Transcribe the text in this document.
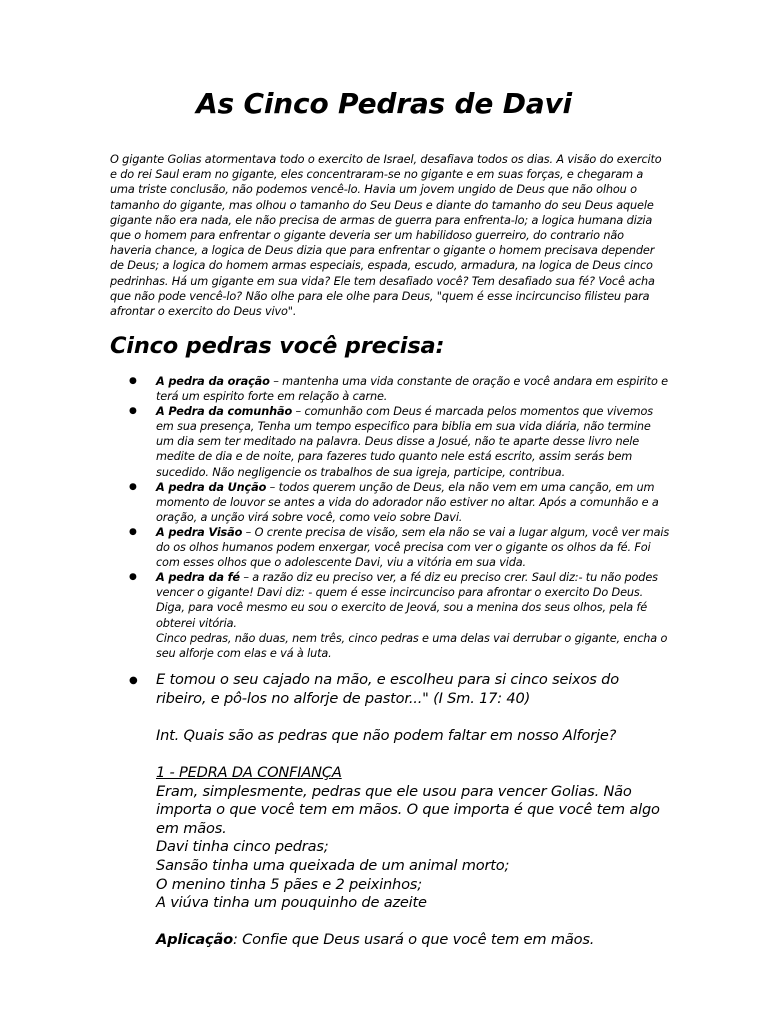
As Cinco Pedras de Davi

O gigante Golias atormentava todo o exercito de Israel, desafiava todos os dias. A visão do exercito e do rei Saul eram no gigante, eles concentraram-se no gigante e em suas forças, e chegaram a uma triste conclusão, não podemos vencê-lo. Havia um jovem ungido de Deus que não olhou o tamanho do gigante, mas olhou o tamanho do Seu Deus e diante do tamanho do seu Deus aquele gigante não era nada, ele não precisa de armas de guerra para enfrenta-lo; a logica humana dizia que o homem para enfrentar o gigante deveria ser um habilidoso guerreiro, do contrario não haveria chance, a logica de Deus dizia que para enfrentar o gigante o homem precisava depender de Deus; a logica do homem armas especiais, espada, escudo, armadura, na logica de Deus cinco pedrinhas. Há um gigante em sua vida? Ele tem desafiado você? Tem desafiado sua fé? Você acha que não pode vencê-lo? Não olhe para ele olhe para Deus, "quem é esse incircunciso filisteu para afrontar o exercito do Deus vivo".

Cinco pedras você precisa:
● A pedra da oração – mantenha uma vida constante de oração e você andara em espirito e terá um espirito forte em relação à carne.
● A Pedra da comunhão – comunhão com Deus é marcada pelos momentos que vivemos em sua presença, Tenha um tempo especifico para biblia em sua vida diária, não termine um dia sem ter meditado na palavra. Deus disse a Josué, não te aparte desse livro nele medite de dia e de noite, para fazeres tudo quanto nele está escrito, assim serás bem sucedido. Não negligencie os trabalhos de sua igreja, participe, contribua.
● A pedra da Unção – todos querem unção de Deus, ela não vem em uma canção, em um momento de louvor se antes a vida do adorador não estiver no altar. Após a comunhão e a oração, a unção virá sobre você, como veio sobre Davi.
● A pedra Visão – O crente precisa de visão, sem ela não se vai a lugar algum, você ver mais do os olhos humanos podem enxergar, você precisa com ver o gigante os olhos da fé. Foi com esses olhos que o adolescente Davi, viu a vitória em sua vida.
● A pedra da fé – a razão diz eu preciso ver, a fé diz eu preciso crer. Saul diz:- tu não podes vencer o gigante! Davi diz: - quem é esse incircunciso para afrontar o exercito Do Deus. Diga, para você mesmo eu sou o exercito de Jeová, sou a menina dos seus olhos, pela fé obterei vitória.
Cinco pedras, não duas, nem três, cinco pedras e uma delas vai derrubar o gigante, encha o seu alforje com elas e vá à luta.
● E tomou o seu cajado na mão, e escolheu para si cinco seixos do ribeiro, e pô-los no alforje de pastor..." (I Sm. 17: 40)
Int. Quais são as pedras que não podem faltar em nosso Alforje?
1 - PEDRA DA CONFIANÇA
Eram, simplesmente, pedras que ele usou para vencer Golias. Não importa o que você tem em mãos. O que importa é que você tem algo em mãos.
Davi tinha cinco pedras;
Sansão tinha uma queixada de um animal morto;
O menino tinha 5 pães e 2 peixinhos;
A viúva tinha um pouquinho de azeite
Aplicação: Confie que Deus usará o que você tem em mãos.
